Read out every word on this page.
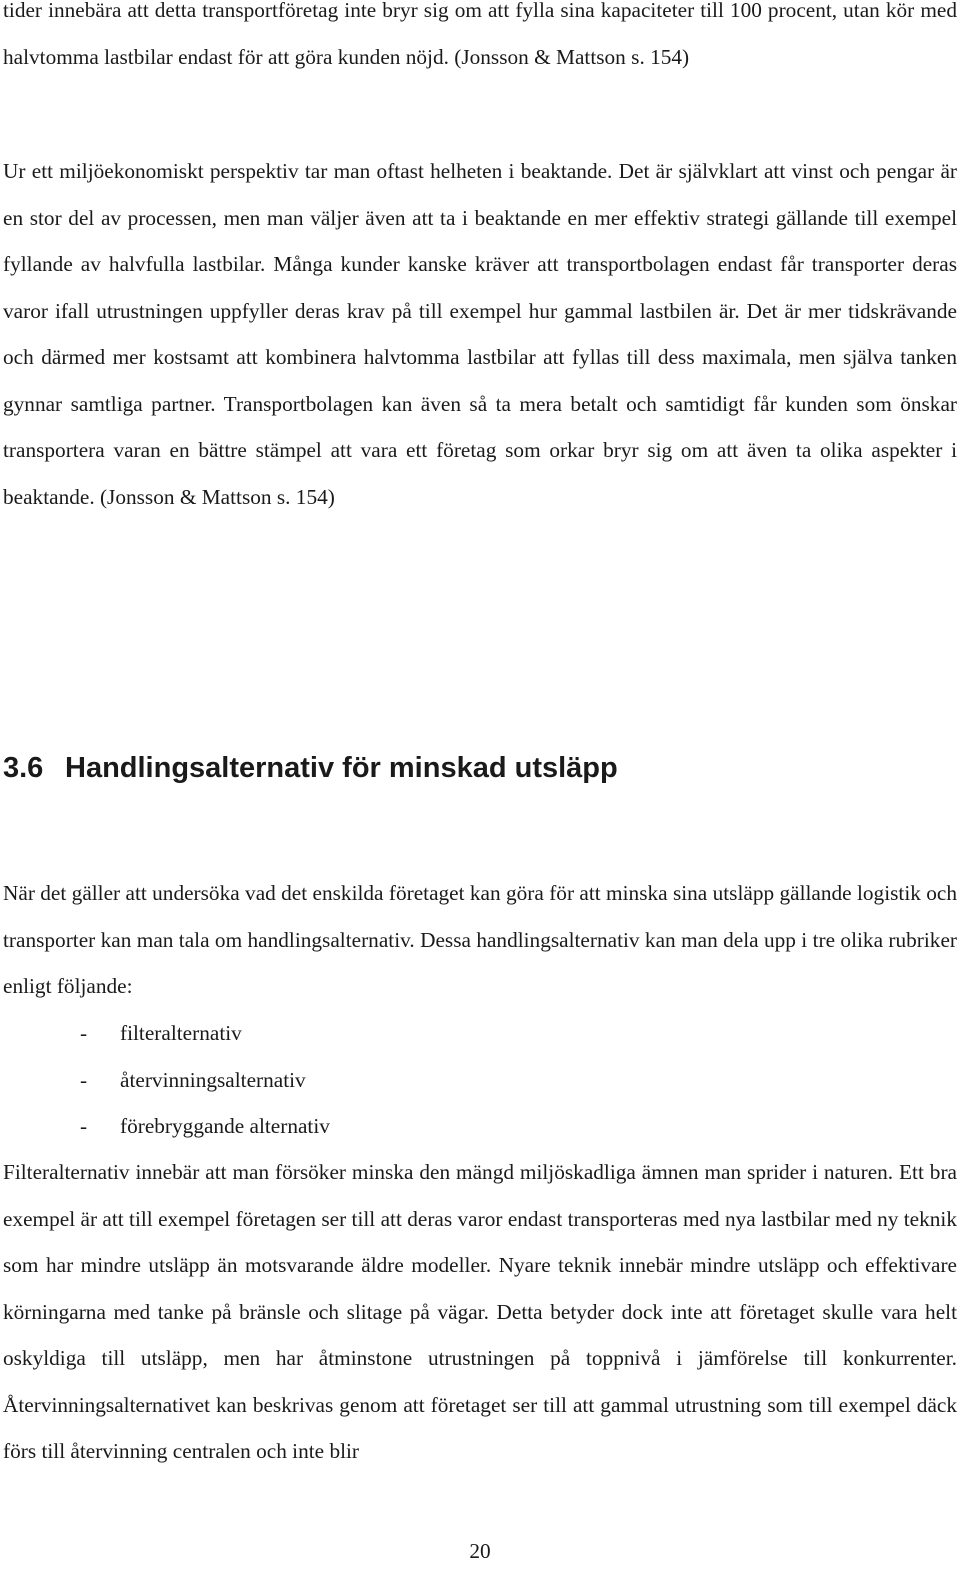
tider innebära att detta transportföretag inte bryr sig om att fylla sina kapaciteter till 100 procent, utan kör med halvtomma lastbilar endast för att göra kunden nöjd. (Jonsson & Mattson s. 154)

Ur ett miljöekonomiskt perspektiv tar man oftast helheten i beaktande. Det är självklart att vinst och pengar är en stor del av processen, men man väljer även att ta i beaktande en mer effektiv strategi gällande till exempel fyllande av halvfulla lastbilar. Många kunder kanske kräver att transportbolagen endast får transporter deras varor ifall utrustningen uppfyller deras krav på till exempel hur gammal lastbilen är. Det är mer tidskrävande och därmed mer kostsamt att kombinera halvtomma lastbilar att fyllas till dess maximala, men själva tanken gynnar samtliga partner. Transportbolagen kan även så ta mera betalt och samtidigt får kunden som önskar transportera varan en bättre stämpel att vara ett företag som orkar bryr sig om att även ta olika aspekter i beaktande. (Jonsson & Mattson s. 154)

3.6 Handlingsalternativ för minskad utsläpp

När det gäller att undersöka vad det enskilda företaget kan göra för att minska sina utsläpp gällande logistik och transporter kan man tala om handlingsalternativ. Dessa handlingsalternativ kan man dela upp i tre olika rubriker enligt följande:

-	filteralternativ
-	återvinningsalternativ
-	förebryggande alternativ

Filteralternativ innebär att man försöker minska den mängd miljöskadliga ämnen man sprider i naturen. Ett bra exempel är att till exempel företagen ser till att deras varor endast transporteras med nya lastbilar med ny teknik som har mindre utsläpp än motsvarande äldre modeller. Nyare teknik innebär mindre utsläpp och effektivare körningarna med tanke på bränsle och slitage på vägar. Detta betyder dock inte att företaget skulle vara helt oskyldiga till utsläpp, men har åtminstone utrustningen på toppnivå i jämförelse till konkurrenter. Återvinningsalternativet kan beskrivas genom att företaget ser till att gammal utrustning som till exempel däck förs till återvinning centralen och inte blir

20
